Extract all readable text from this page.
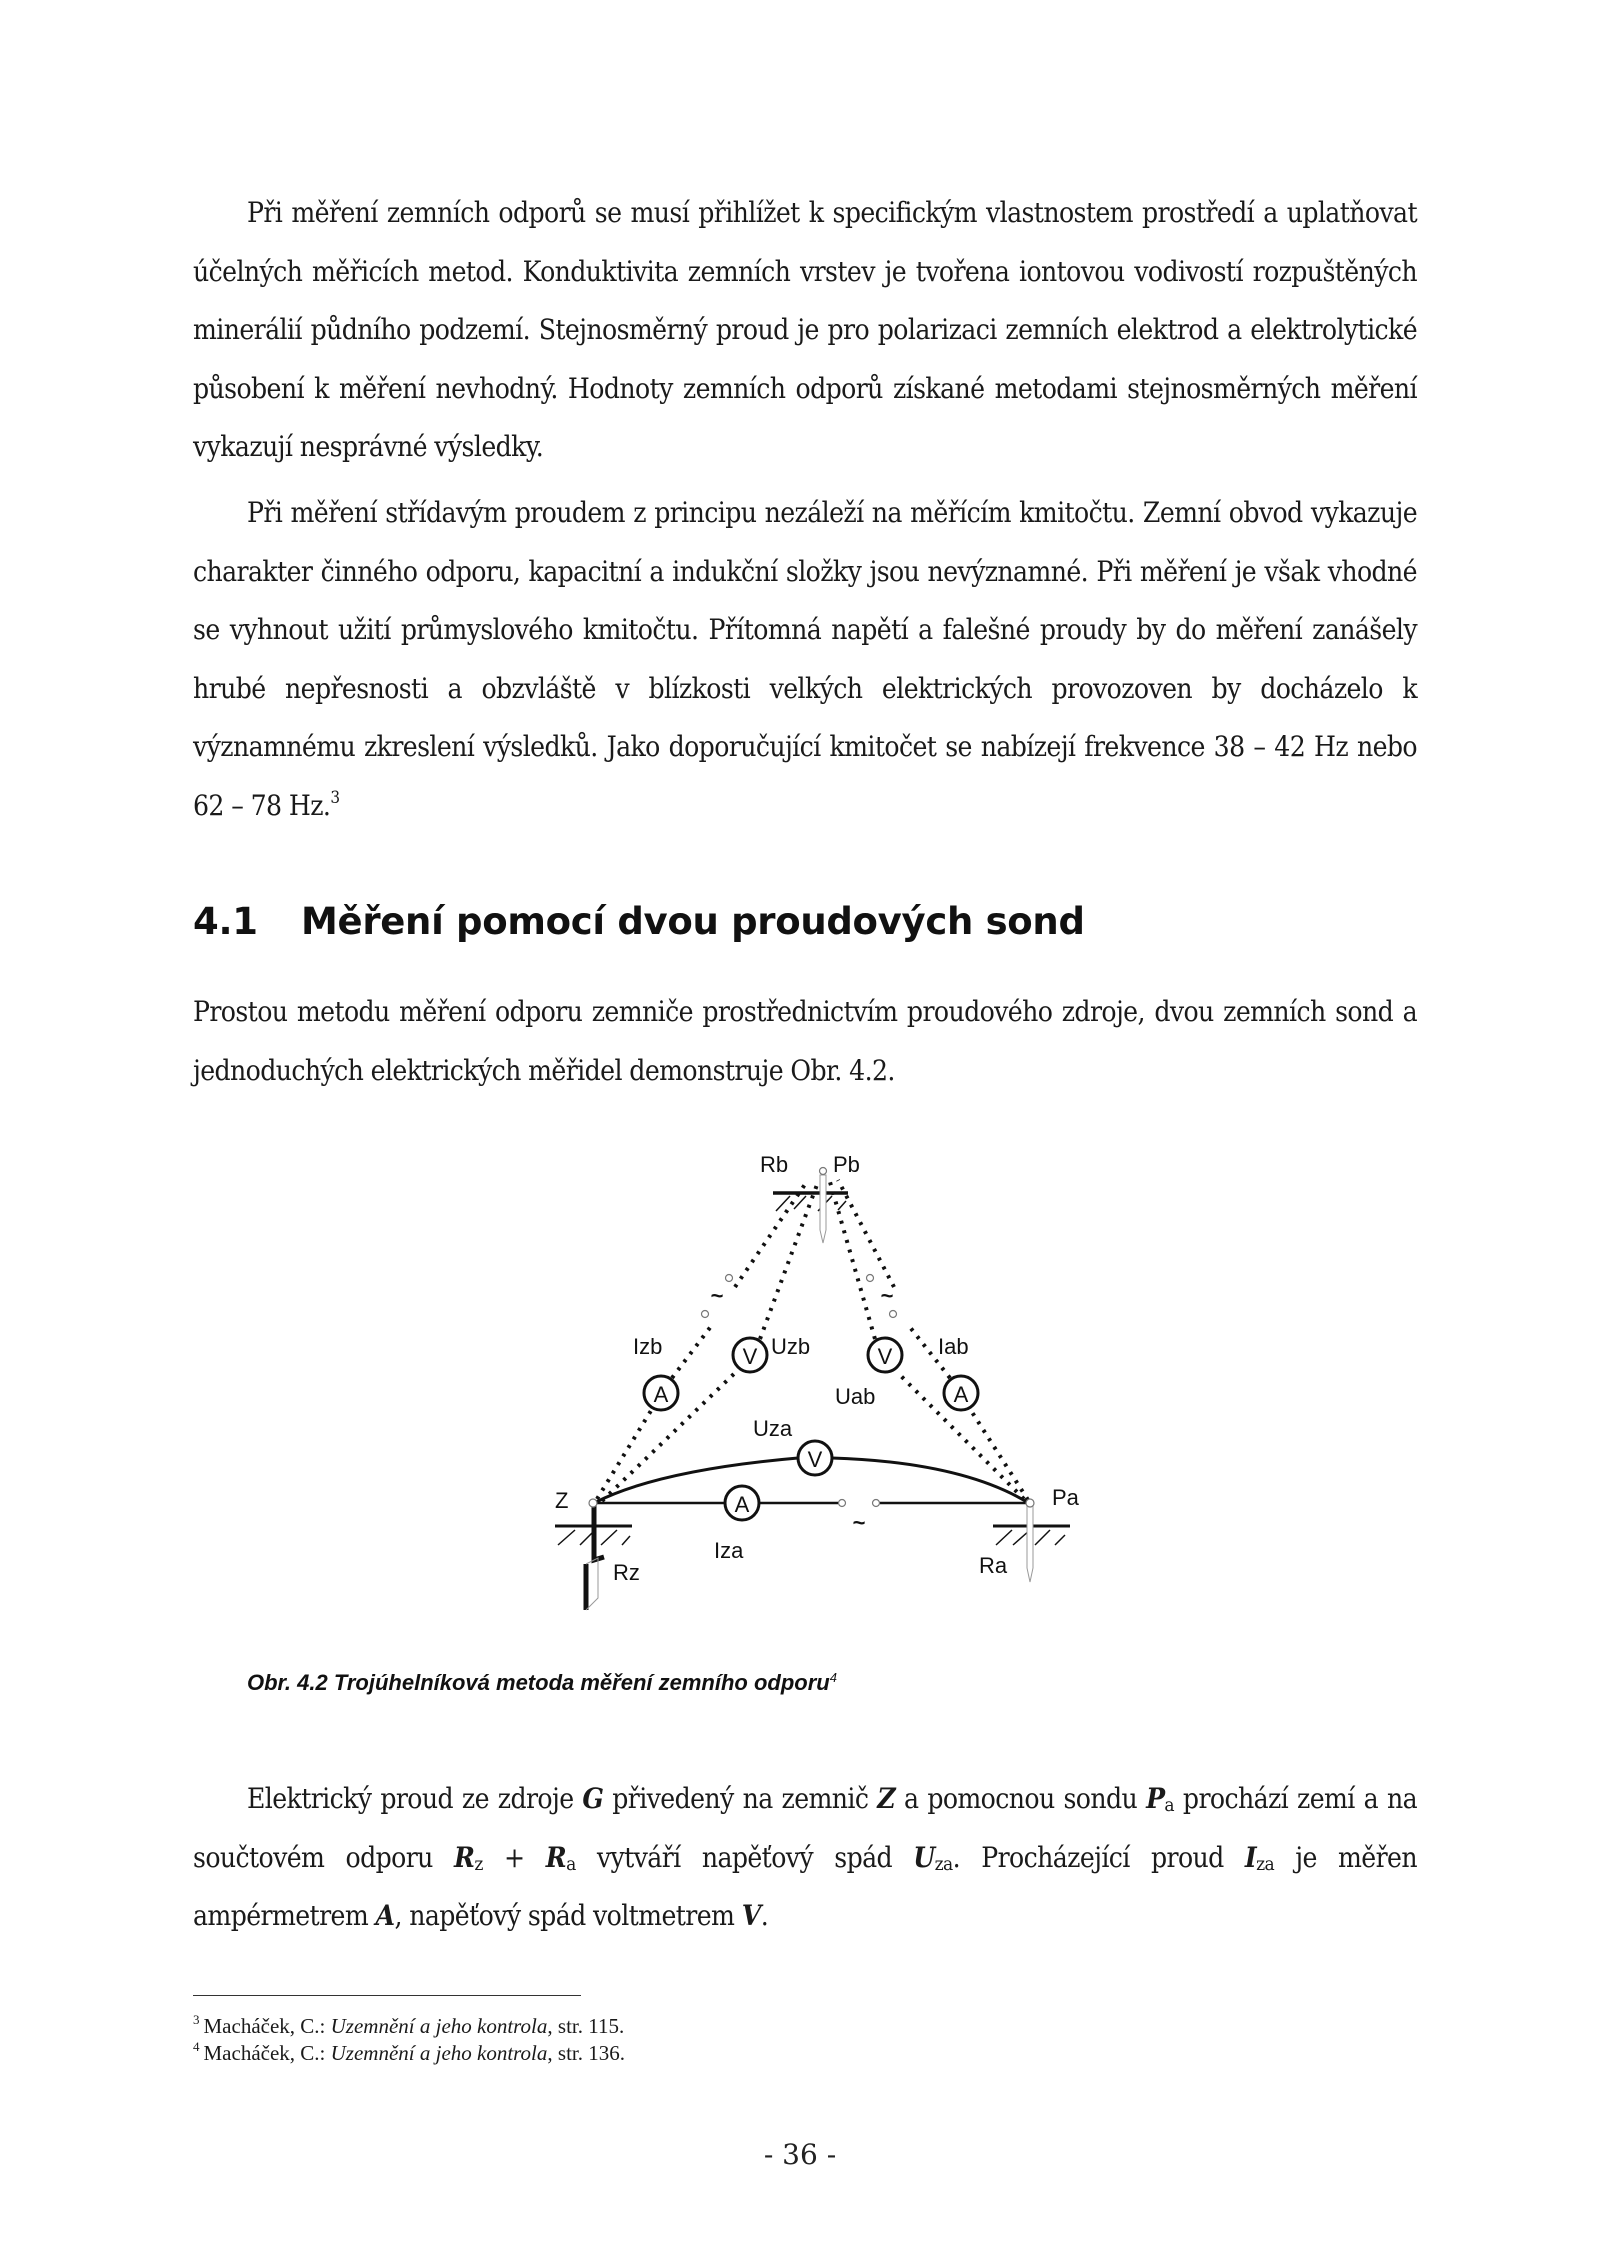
Při měření zemních odporů se musí přihlížet k specifickým vlastnostem prostředí a uplatňovat účelných měřicích metod. Konduktivita zemních vrstev je tvořena iontovou vodivostí rozpuštěných minerálií půdního podzemí. Stejnosměrný proud je pro polarizaci zemních elektrod a elektrolytické působení k měření nevhodný. Hodnoty zemních odporů získané metodami stejnosměrných měření vykazují nesprávné výsledky.

Při měření střídavým proudem z principu nezáleží na měřícím kmitočtu. Zemní obvod vykazuje charakter činného odporu, kapacitní a indukční složky jsou nevýznamné. Při měření je však vhodné se vyhnout užití průmyslového kmitočtu. Přítomná napětí a falešné proudy by do měření zanášely hrubé nepřesnosti a obzvláště v blízkosti velkých elektrických provozoven by docházelo k významnému zkreslení výsledků. Jako doporučující kmitočet se nabízejí frekvence 38 – 42 Hz nebo 62 – 78 Hz.$^3$

4.1 Měření pomocí dvou proudových sond

Prostou metodu měření odporu zemniče prostřednictvím proudového zdroje, dvou zemních sond a jednoduchých elektrických měřidel demonstruje Obr. 4.2.

~	~
A
V	V
A
V
A
~
Rb Pb
Izb	Uzb
Uab
Iab
Uza
Iza
Z	Pa
Rz	Ra

Obr. 4.2 Trojúhelníková metoda měření zemního odporu$^4$

Elektrický proud ze zdroje G přivedený na zemnič Z a pomocnou sondu $P_a$ prochází zemí a na součtovém odporu $R_z + R_a$ vytváří napěťový spád $U_{za}$. Procházející proud $I_{za}$ je měřen ampérmetrem A, napěťový spád voltmetrem V.

$^3$ Macháček, C.: Uzemnění a jeho kontrola, str. 115.
$^4$ Macháček, C.: Uzemnění a jeho kontrola, str. 136.
- 36 -
